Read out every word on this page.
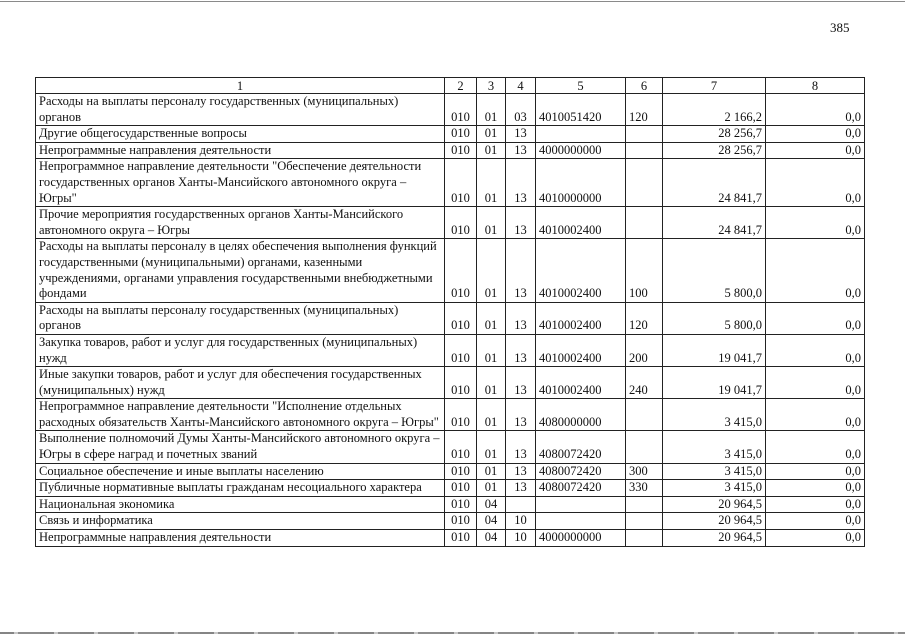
385
1	2	3	4	5	6	7	8
Расходы на выплаты персоналу государственных (муниципальных) органов	010	01	03	4010051420	120	2 166,2	0,0
Другие общегосударственные вопросы	010	01	13			28 256,7	0,0
Непрограммные направления деятельности	010	01	13	4000000000		28 256,7	0,0
Непрограммное направление деятельности "Обеспечение деятельности государственных органов Ханты-Мансийского автономного округа – Югры"	010	01	13	4010000000		24 841,7	0,0
Прочие мероприятия государственных органов Ханты-Мансийского автономного округа – Югры	010	01	13	4010002400		24 841,7	0,0
Расходы на выплаты персоналу в целях обеспечения выполнения функций государственными (муниципальными) органами, казенными учреждениями, органами управления государственными внебюджетными фондами	010	01	13	4010002400	100	5 800,0	0,0
Расходы на выплаты персоналу государственных (муниципальных) органов	010	01	13	4010002400	120	5 800,0	0,0
Закупка товаров, работ и услуг для государственных (муниципальных) нужд	010	01	13	4010002400	200	19 041,7	0,0
Иные закупки товаров, работ и услуг для обеспечения государственных (муниципальных) нужд	010	01	13	4010002400	240	19 041,7	0,0
Непрограммное направление деятельности "Исполнение отдельных расходных обязательств Ханты-Мансийского автономного округа – Югры"	010	01	13	4080000000		3 415,0	0,0
Выполнение полномочий Думы Ханты-Мансийского автономного округа – Югры в сфере наград и почетных званий	010	01	13	4080072420		3 415,0	0,0
Социальное обеспечение и иные выплаты населению	010	01	13	4080072420	300	3 415,0	0,0
Публичные нормативные выплаты гражданам несоциального характера	010	01	13	4080072420	330	3 415,0	0,0
Национальная экономика	010	04				20 964,5	0,0
Связь и информатика	010	04	10			20 964,5	0,0
Непрограммные направления деятельности	010	04	10	4000000000		20 964,5	0,0
